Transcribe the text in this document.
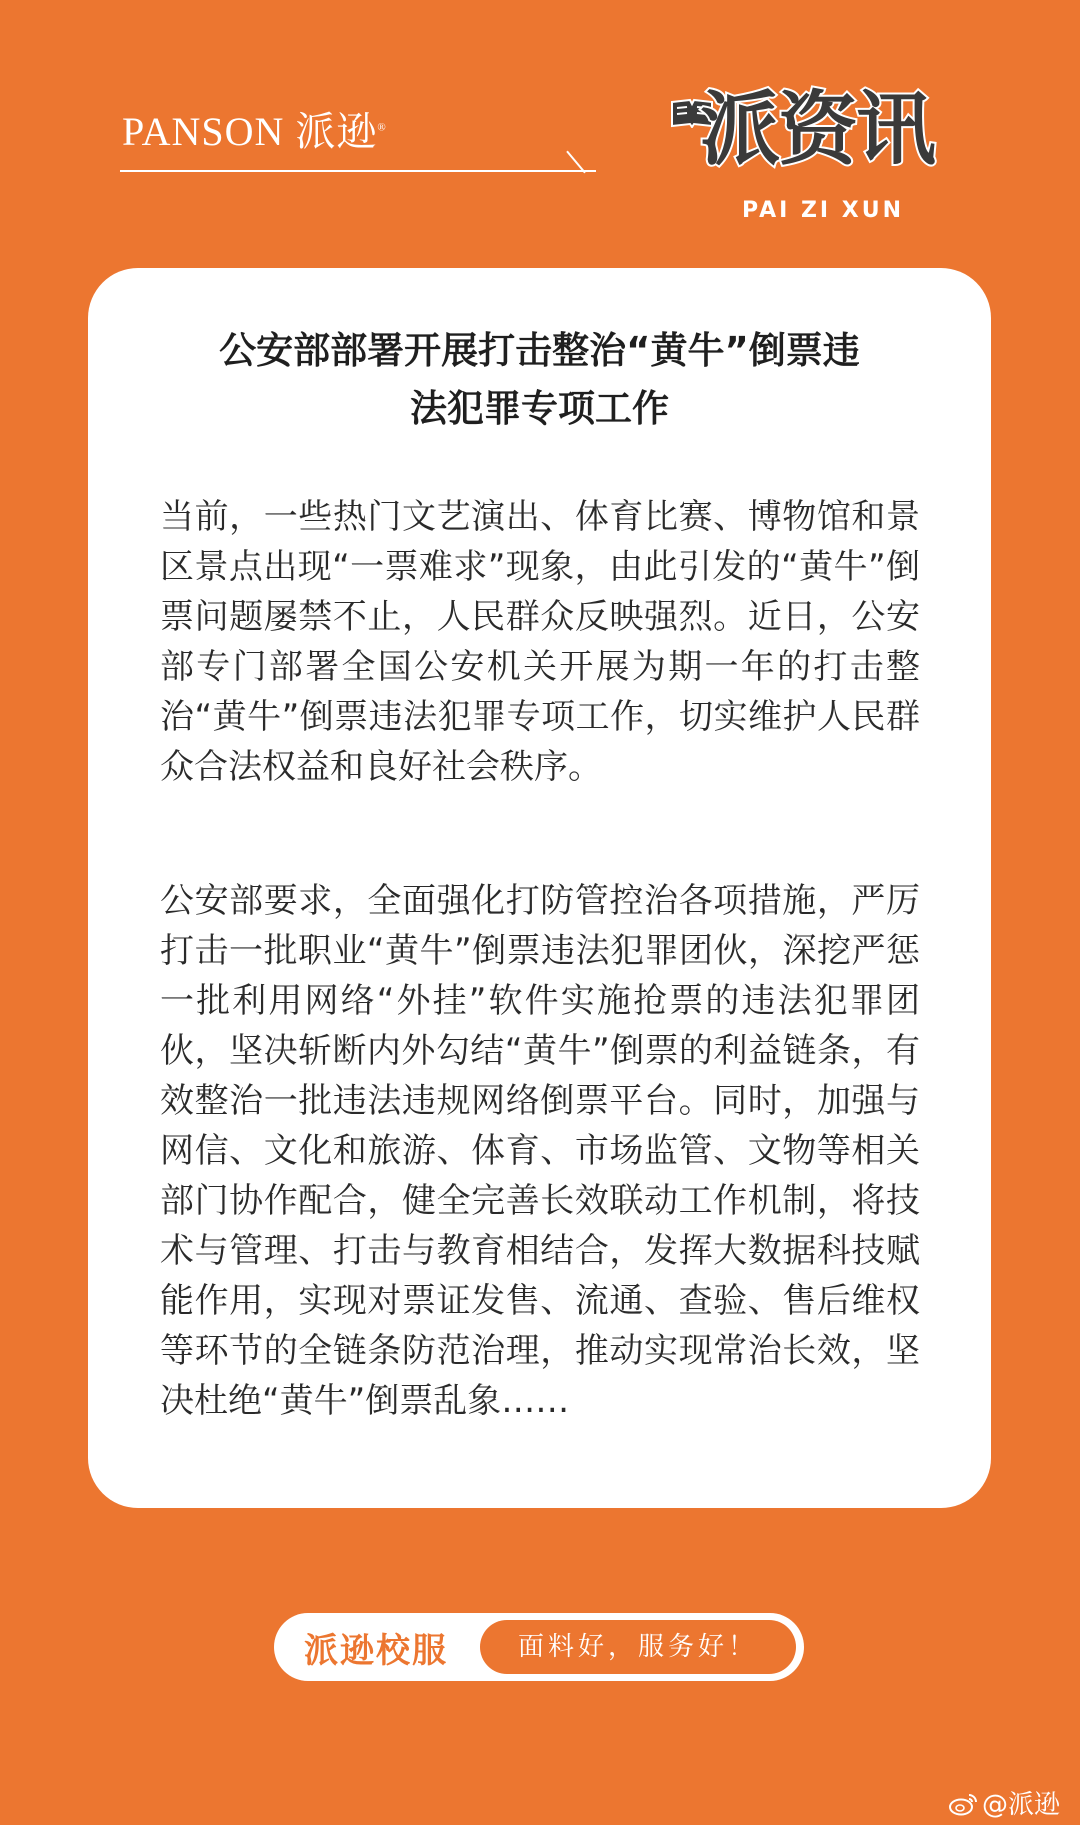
PANSON 派逊®	派资讯
PAI ZI XUN
公安部部署开展打击整治“黄牛”倒票违
法犯罪专项工作

当前，一些热门文艺演出、体育比赛、博物馆和景区景点出现“一票难求”现象，由此引发的“黄牛”倒票问题屡禁不止，人民群众反映强烈。近日，公安部专门部署全国公安机关开展为期一年的打击整治“黄牛”倒票违法犯罪专项工作，切实维护人民群众合法权益和良好社会秩序。

公安部要求，全面强化打防管控治各项措施，严厉打击一批职业“黄牛”倒票违法犯罪团伙，深挖严惩一批利用网络“外挂”软件实施抢票的违法犯罪团伙，坚决斩断内外勾结“黄牛”倒票的利益链条，有效整治一批违法违规网络倒票平台。同时，加强与网信、文化和旅游、体育、市场监管、文物等相关部门协作配合，健全完善长效联动工作机制，将技术与管理、打击与教育相结合，发挥大数据科技赋能作用，实现对票证发售、流通、查验、售后维权等环节的全链条防范治理，推动实现常治长效，坚决杜绝“黄牛”倒票乱象……

派逊校服	面料好，服务好！
@派逊
